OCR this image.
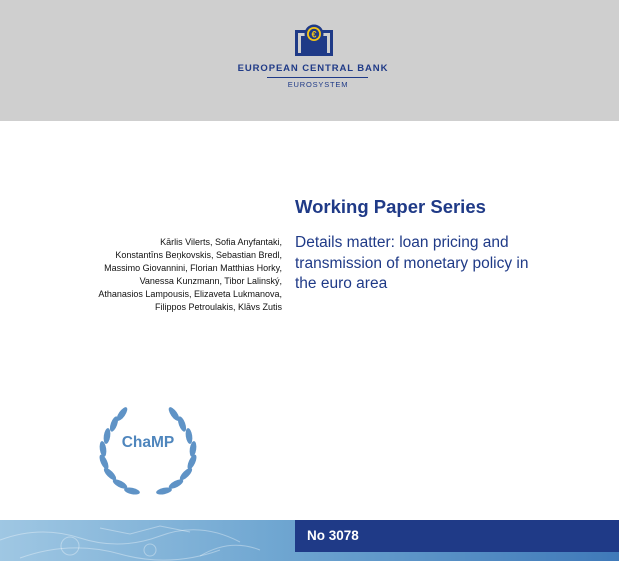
€
EUROPEAN CENTRAL BANK
EUROSYSTEM
Working Paper Series
Details matter: loan pricing and
transmission of monetary policy in
the euro area
Kārlis Vilerts, Sofia Anyfantaki,
Konstantīns Beņkovskis, Sebastian Bredl,
Massimo Giovannini, Florian Matthias Horky,
Vanessa Kunzmann, Tibor Lalinský,
Athanasios Lampousis, Elizaveta Lukmanova,
Filippos Petroulakis, Klāvs Zutis
ChaMP
No 3078
